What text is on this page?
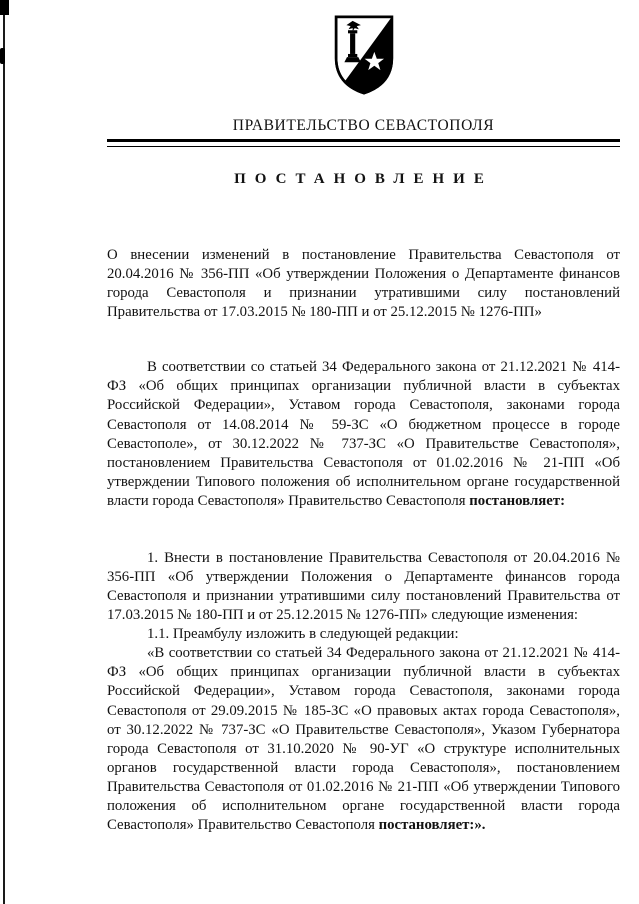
ПРАВИТЕЛЬСТВО СЕВАСТОПОЛЯ
ПОСТАНОВЛЕНИЕ

О внесении изменений в постановление Правительства Севастополя от 20.04.2016 № 356-ПП «Об утверждении Положения о Департаменте финансов города Севастополя и признании утратившими силу постановлений Правительства от 17.03.2015 № 180-ПП и от 25.12.2015 № 1276-ПП»

В соответствии со статьей 34 Федерального закона от 21.12.2021 № 414-ФЗ «Об общих принципах организации публичной власти в субъектах Российской Федерации», Уставом города Севастополя, законами города Севастополя от 14.08.2014 № 59-ЗС «О бюджетном процессе в городе Севастополе», от 30.12.2022 № 737-ЗС «О Правительстве Севастополя», постановлением Правительства Севастополя от 01.02.2016 № 21-ПП «Об утверждении Типового положения об исполнительном органе государственной власти города Севастополя» Правительство Севастополя постановляет:

1. Внести в постановление Правительства Севастополя от 20.04.2016 № 356-ПП «Об утверждении Положения о Департаменте финансов города Севастополя и признании утратившими силу постановлений Правительства от 17.03.2015 № 180-ПП и от 25.12.2015 № 1276-ПП» следующие изменения:

1.1. Преамбулу изложить в следующей редакции:

«В соответствии со статьей 34 Федерального закона от 21.12.2021 № 414-ФЗ «Об общих принципах организации публичной власти в субъектах Российской Федерации», Уставом города Севастополя, законами города Севастополя от 29.09.2015 № 185-ЗС «О правовых актах города Севастополя», от 30.12.2022 № 737-ЗС «О Правительстве Севастополя», Указом Губернатора города Севастополя от 31.10.2020 № 90-УГ «О структуре исполнительных органов государственной власти города Севастополя», постановлением Правительства Севастополя от 01.02.2016 № 21-ПП «Об утверждении Типового положения об исполнительном органе государственной власти города Севастополя» Правительство Севастополя постановляет:».
